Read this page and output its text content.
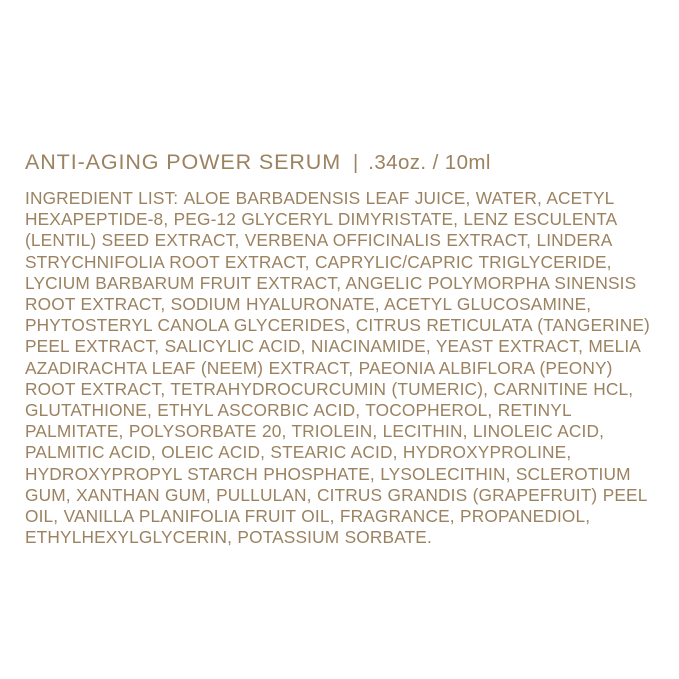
ANTI-AGING POWER SERUM | .34oz. / 10ml
INGREDIENT LIST: ALOE BARBADENSIS LEAF JUICE, WATER, ACETYL HEXAPEPTIDE-8, PEG-12 GLYCERYL DIMYRISTATE, LENZ ESCULENTA (LENTIL) SEED EXTRACT, VERBENA OFFICINALIS EXTRACT, LINDERA STRYCHNIFOLIA ROOT EXTRACT, CAPRYLIC/CAPRIC TRIGLYCERIDE, LYCIUM BARBARUM FRUIT EXTRACT, ANGELIC POLYMORPHA SINENSIS ROOT EXTRACT, SODIUM HYALURONATE, ACETYL GLUCOSAMINE, PHYTOSTERYL CANOLA GLYCERIDES, CITRUS RETICULATA (TANGERINE) PEEL EXTRACT, SALICYLIC ACID, NIACINAMIDE, YEAST EXTRACT, MELIA AZADIRACHTA LEAF (NEEM) EXTRACT, PAEONIA ALBIFLORA (PEONY) ROOT EXTRACT, TETRAHYDROCURCUMIN (TUMERIC), CARNITINE HCL, GLUTATHIONE, ETHYL ASCORBIC ACID, TOCOPHEROL, RETINYL PALMITATE, POLYSORBATE 20, TRIOLEIN, LECITHIN, LINOLEIC ACID, PALMITIC ACID, OLEIC ACID, STEARIC ACID, HYDROXYPROLINE, HYDROXYPROPYL STARCH PHOSPHATE, LYSOLECITHIN, SCLEROTIUM GUM, XANTHAN GUM, PULLULAN, CITRUS GRANDIS (GRAPEFRUIT) PEEL OIL, VANILLA PLANIFOLIA FRUIT OIL, FRAGRANCE, PROPANEDIOL, ETHYLHEXYLGLYCERIN, POTASSIUM SORBATE.
